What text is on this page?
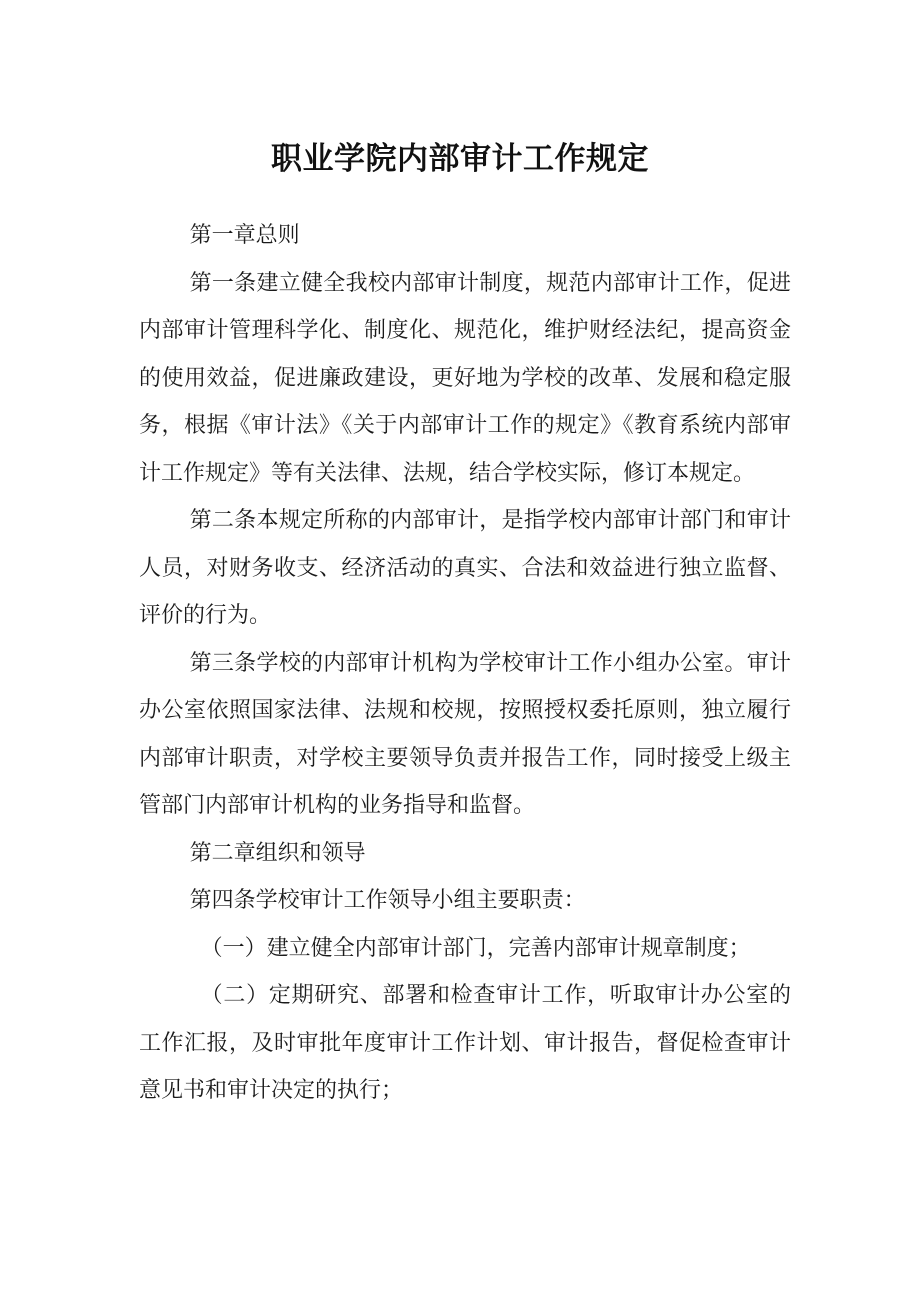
职业学院内部审计工作规定

第一章总则

第一条建立健全我校内部审计制度，规范内部审计工作，促进内部审计管理科学化、制度化、规范化，维护财经法纪，提高资金的使用效益，促进廉政建设，更好地为学校的改革、发展和稳定服务，根据《审计法》《关于内部审计工作的规定》《教育系统内部审计工作规定》等有关法律、法规，结合学校实际，修订本规定。

第二条本规定所称的内部审计，是指学校内部审计部门和审计人员，对财务收支、经济活动的真实、合法和效益进行独立监督、评价的行为。

第三条学校的内部审计机构为学校审计工作小组办公室。审计办公室依照国家法律、法规和校规，按照授权委托原则，独立履行内部审计职责，对学校主要领导负责并报告工作，同时接受上级主管部门内部审计机构的业务指导和监督。

第二章组织和领导

第四条学校审计工作领导小组主要职责：

（一）建立健全内部审计部门，完善内部审计规章制度；

（二）定期研究、部署和检查审计工作，听取审计办公室的工作汇报，及时审批年度审计工作计划、审计报告，督促检查审计意见书和审计决定的执行；
